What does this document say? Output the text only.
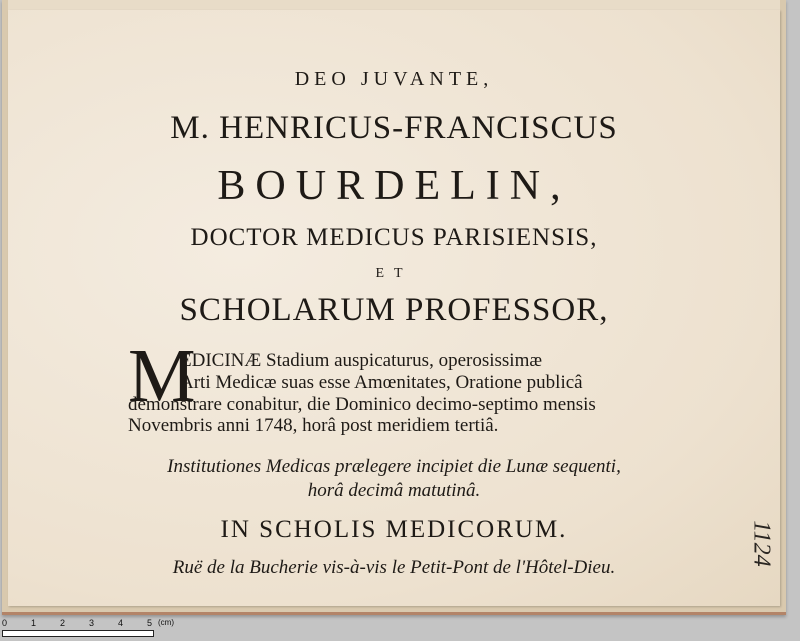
DEO JUVANTE,
M. HENRICUS-FRANCISCUS
BOURDELIN,
DOCTOR MEDICUS PARISIENSIS,
ET
SCHOLARUM PROFESSOR,
M
EDICINÆ Stadium auspicaturus, operosissimæ
Arti Medicæ suas esse Amœnitates, Oratione publicâ
demonstrare conabitur, die Dominico decimo-septimo mensis
Novembris anni 1748, horâ post meridiem tertiâ.
Institutiones Medicas prælegere incipiet die Lunæ sequenti,
horâ decimâ matutinâ.
IN SCHOLIS MEDICORUM.
Ruë de la Bucherie vis-à-vis le Petit-Pont de l'Hôtel-Dieu.
1124
0	1	2	3	4	5 (cm)
